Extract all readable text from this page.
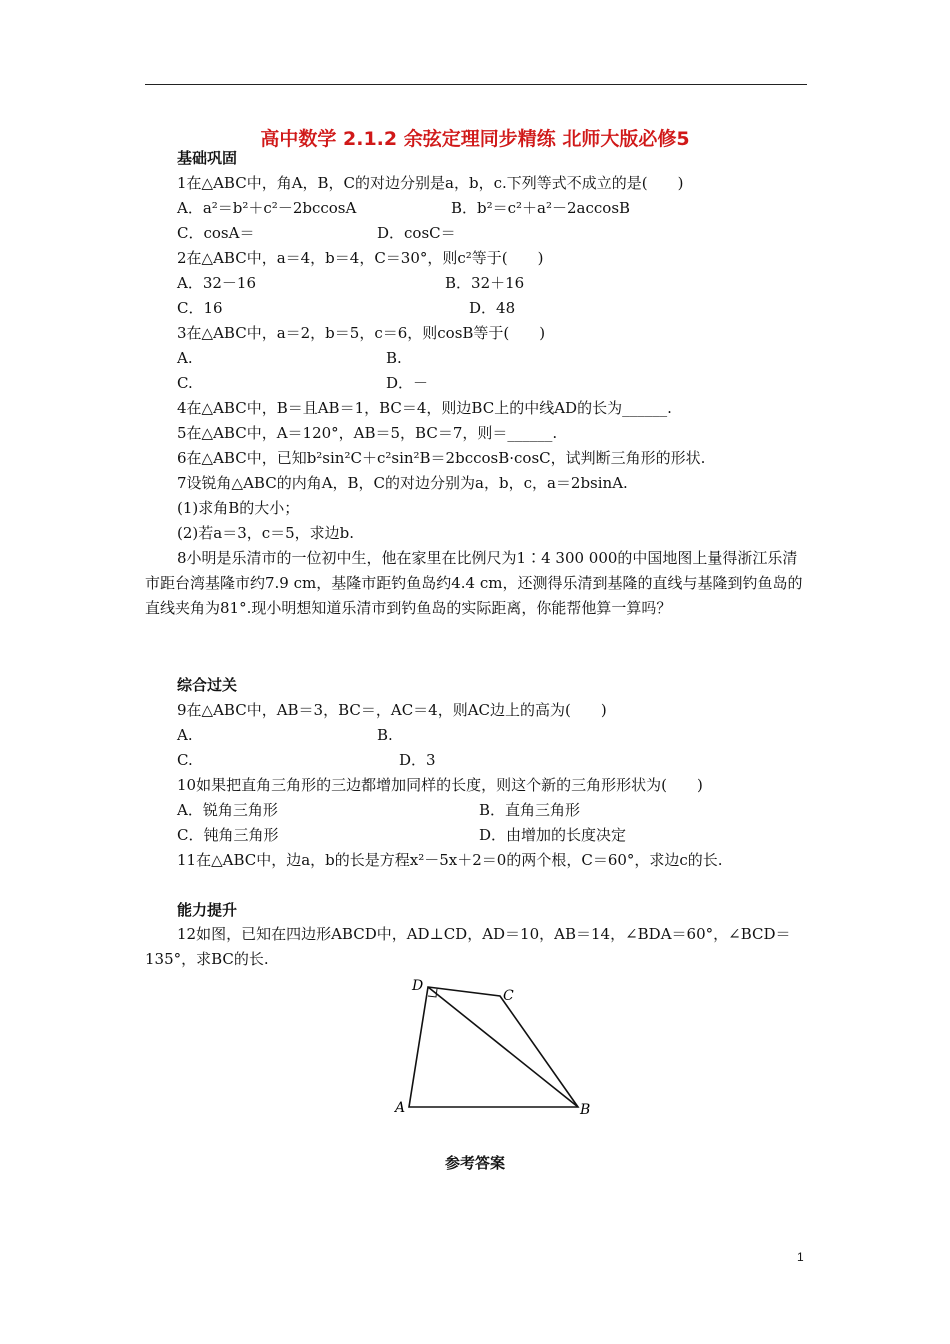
高中数学 2.1.2 余弦定理同步精练 北师大版必修5
基础巩固
1在△ABC中，角A，B，C的对边分别是a，b，c.下列等式不成立的是(　　)
A．a²＝b²＋c²－2bccosA	B．b²＝c²＋a²－2accosB
C．cosA＝	D．cosC＝
2在△ABC中，a＝4，b＝4，C＝30°，则c²等于(　　)
A．32－16	B．32＋16
C．16	D．48
3在△ABC中，a＝2，b＝5，c＝6，则cosB等于(　　)
A.	B.
C.	D．－
4在△ABC中，B＝且AB＝1，BC＝4，则边BC上的中线AD的长为______.
5在△ABC中，A＝120°，AB＝5，BC＝7，则＝______.
6在△ABC中，已知b²sin²C＋c²sin²B＝2bccosB·cosC，试判断三角形的形状.
7设锐角△ABC的内角A，B，C的对边分别为a，b，c，a＝2bsinA.
(1)求角B的大小；
(2)若a＝3，c＝5，求边b.
8小明是乐清市的一位初中生，他在家里在比例尺为1∶4 300 000的中国地图上量得浙江乐清市距台湾基隆市约7.9 cm，基隆市距钓鱼岛约4.4 cm，还测得乐清到基隆的直线与基隆到钓鱼岛的直线夹角为81°.现小明想知道乐清市到钓鱼岛的实际距离，你能帮他算一算吗？
综合过关
9在△ABC中，AB＝3，BC＝，AC＝4，则AC边上的高为(　　)
A.	B.
C.	D．3
10如果把直角三角形的三边都增加同样的长度，则这个新的三角形形状为(　　)
A．锐角三角形	B．直角三角形
C．钝角三角形	D．由增加的长度决定
11在△ABC中，边a，b的长是方程x²－5x＋2＝0的两个根，C＝60°，求边c的长.
能力提升
12如图，已知在四边形ABCD中，AD⊥CD，AD＝10，AB＝14，∠BDA＝60°，∠BCD＝135°，求BC的长.
D
C
A	B
参考答案
1
